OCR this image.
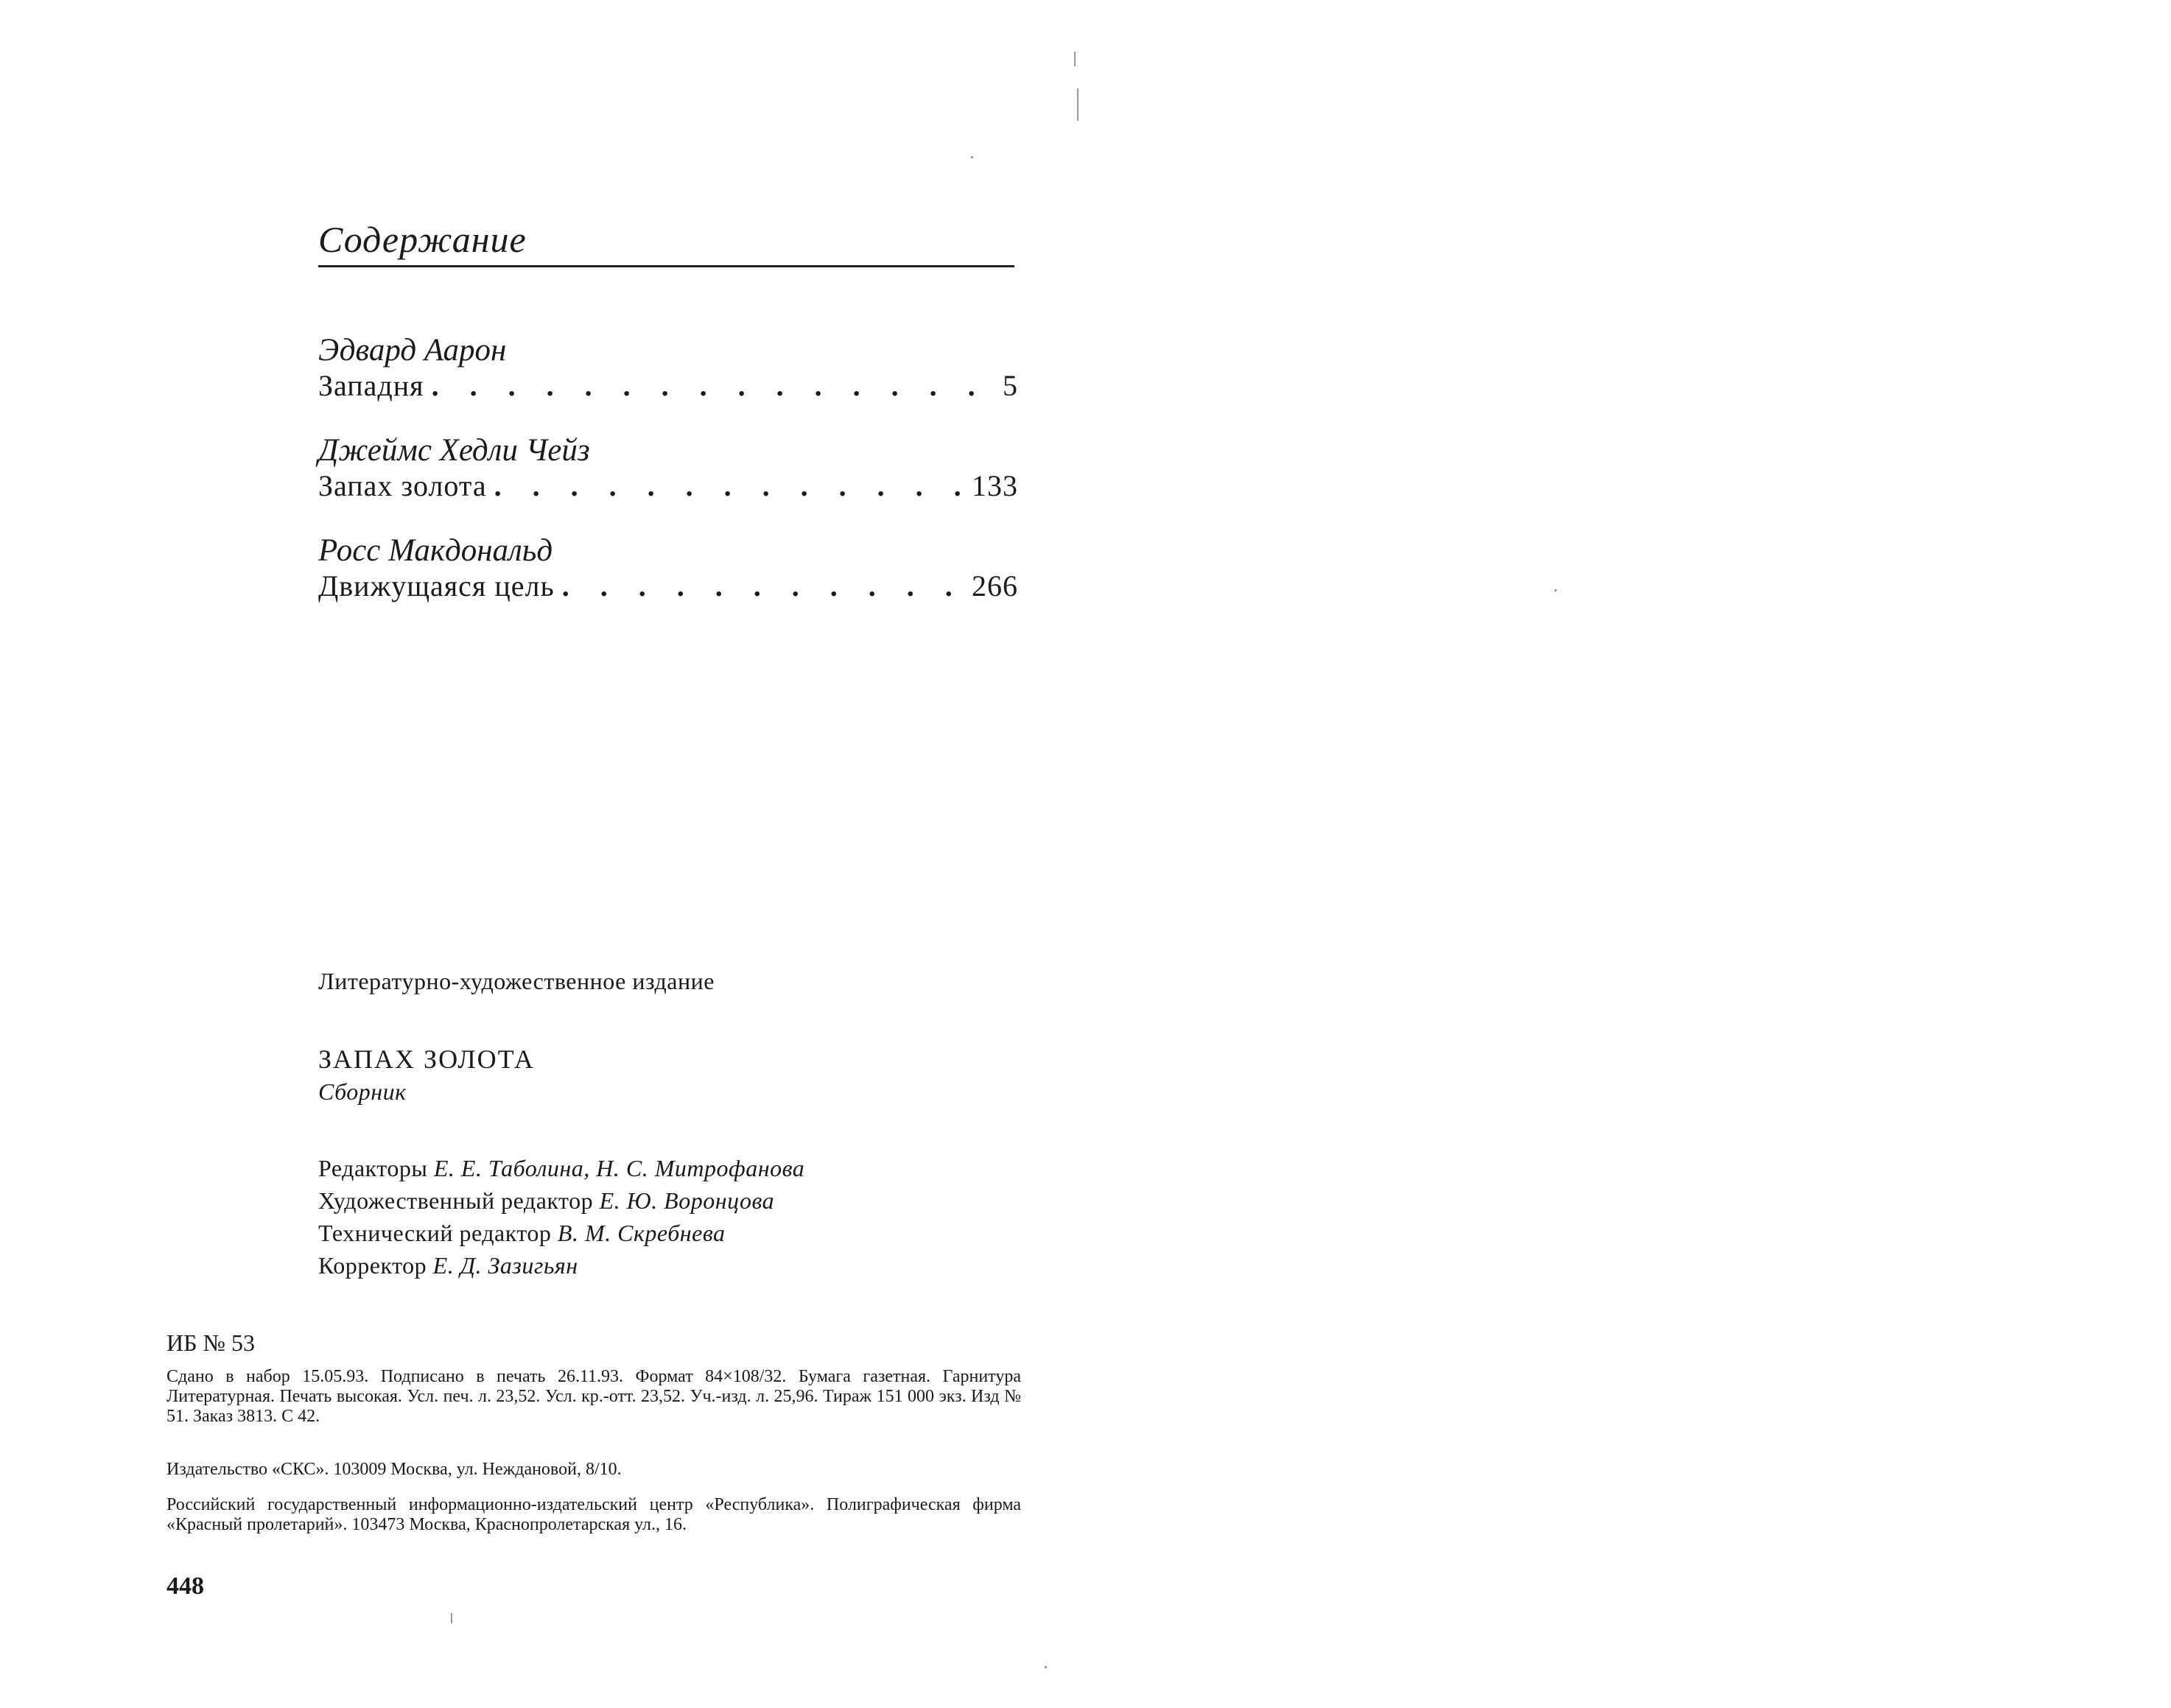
Содержание
Эдвард Аарон
Западня . . .	5
Джеймс Хедли Чейз
Запах золота . . .	133
Росс Макдональд
Движущаяся цель . . .	266
Литературно-художественное издание
ЗАПАХ ЗОЛОТА
Сборник
Редакторы Е. Е. Таболина, Н. С. Митрофанова
Художественный редактор Е. Ю. Воронцова
Технический редактор В. М. Скребнева
Корректор Е. Д. Зазигьян
ИБ № 53
Сдано в набор 15.05.93. Подписано в печать 26.11.93. Формат 84×108/32. Бумага газетная. Гарнитура Литературная. Печать высокая. Усл. печ. л. 23,52. Усл. кр.-отт. 23,52. Уч.-изд. л. 25,96. Тираж 151 000 экз. Изд № 51. Заказ 3813. С 42.
Издательство «СКС». 103009 Москва, ул. Неждановой, 8/10.
Российский государственный информационно-издательский центр «Республика». Полиграфическая фирма «Красный пролетарий». 103473 Москва, Краснопролетарская ул., 16.
448
